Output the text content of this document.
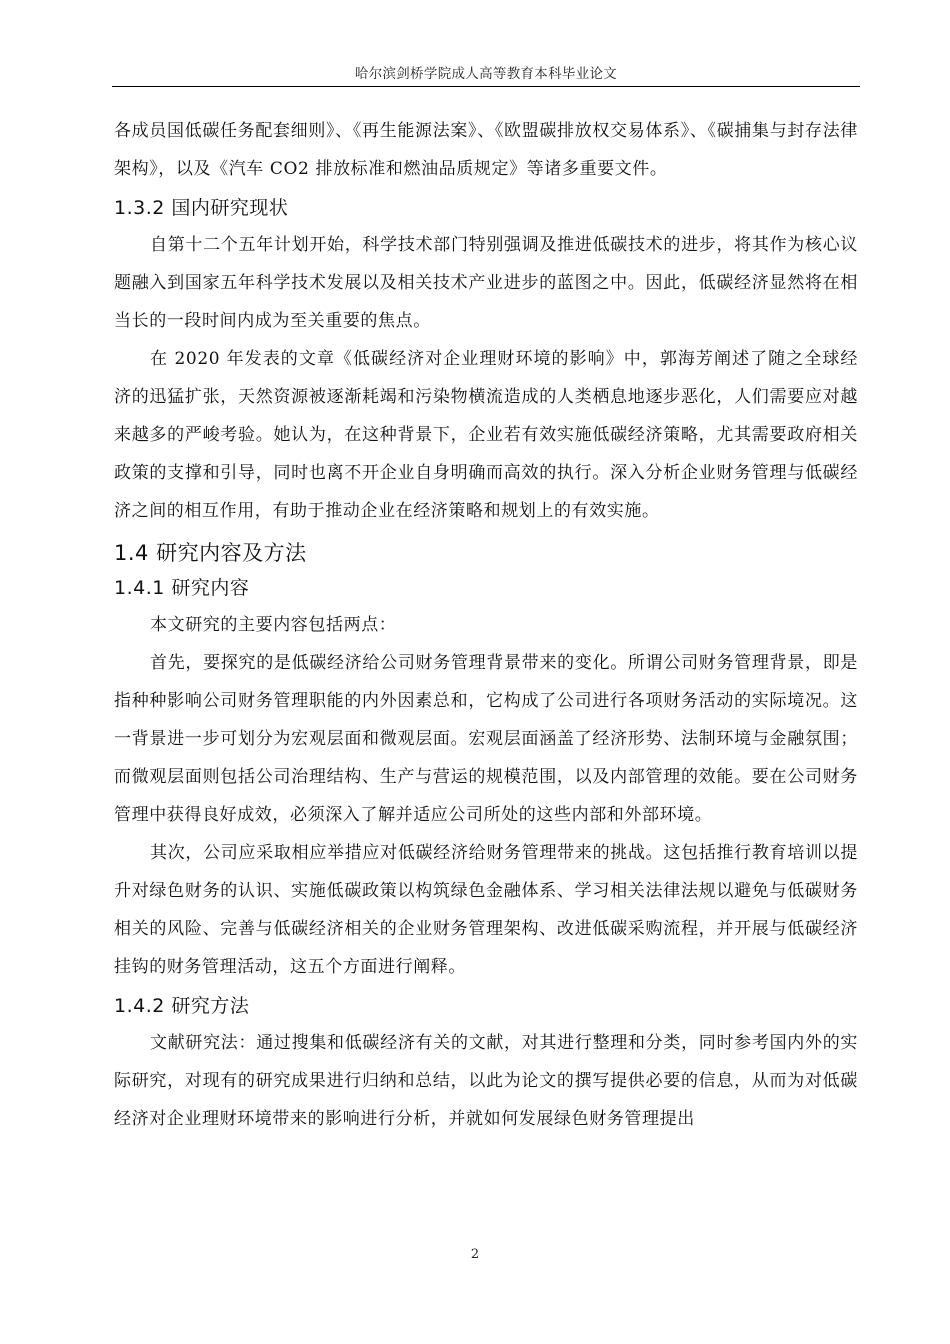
哈尔滨剑桥学院成人高等教育本科毕业论文

各成员国低碳任务配套细则》、《再生能源法案》、《欧盟碳排放权交易体系》、《碳捕集与封存法律架构》，以及《汽车 CO2 排放标准和燃油品质规定》等诸多重要文件。

1.3.2 国内研究现状

自第十二个五年计划开始，科学技术部门特别强调及推进低碳技术的进步，将其作为核心议题融入到国家五年科学技术发展以及相关技术产业进步的蓝图之中。因此，低碳经济显然将在相当长的一段时间内成为至关重要的焦点。

在 2020 年发表的文章《低碳经济对企业理财环境的影响》中，郭海芳阐述了随之全球经济的迅猛扩张，天然资源被逐渐耗竭和污染物横流造成的人类栖息地逐步恶化，人们需要应对越来越多的严峻考验。她认为，在这种背景下，企业若有效实施低碳经济策略，尤其需要政府相关政策的支撑和引导，同时也离不开企业自身明确而高效的执行。深入分析企业财务管理与低碳经济之间的相互作用，有助于推动企业在经济策略和规划上的有效实施。

1.4 研究内容及方法
1.4.1 研究内容

本文研究的主要内容包括两点：

首先，要探究的是低碳经济给公司财务管理背景带来的变化。所谓公司财务管理背景，即是指种种影响公司财务管理职能的内外因素总和，它构成了公司进行各项财务活动的实际境况。这一背景进一步可划分为宏观层面和微观层面。宏观层面涵盖了经济形势、法制环境与金融氛围；而微观层面则包括公司治理结构、生产与营运的规模范围，以及内部管理的效能。要在公司财务管理中获得良好成效，必须深入了解并适应公司所处的这些内部和外部环境。

其次，公司应采取相应举措应对低碳经济给财务管理带来的挑战。这包括推行教育培训以提升对绿色财务的认识、实施低碳政策以构筑绿色金融体系、学习相关法律法规以避免与低碳财务相关的风险、完善与低碳经济相关的企业财务管理架构、改进低碳采购流程，并开展与低碳经济挂钩的财务管理活动，这五个方面进行阐释。

1.4.2 研究方法

文献研究法：通过搜集和低碳经济有关的文献，对其进行整理和分类，同时参考国内外的实际研究，对现有的研究成果进行归纳和总结，以此为论文的撰写提供必要的信息，从而为对低碳经济对企业理财环境带来的影响进行分析，并就如何发展绿色财务管理提出

2
